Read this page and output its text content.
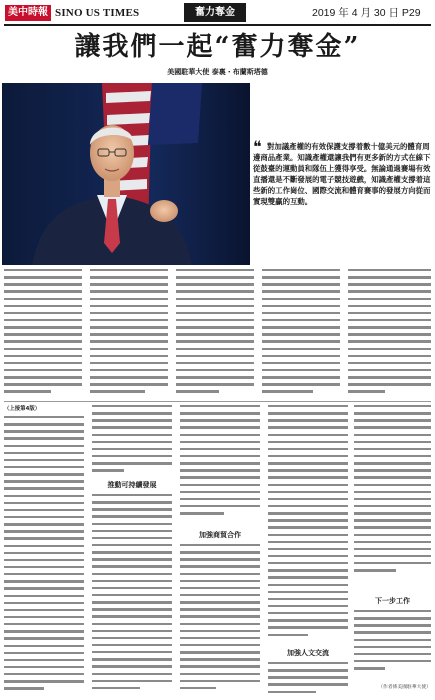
美中時報 SINO US TIMES	奮力奪金	2019 年 4 月 30 日 P29
讓我們一起“奮力奪金”
美國駐華大使 泰裏・布蘭斯塔德
❝ 對加議產權的有效保護支撐着數十億美元的體育周邊商品產業。知識產權還讓我們有更多新的方式在線下從鼓臺的運動員和隊伍上獲得享受。無論通過賽場有效直播還是不斷發展的電子競技遊戲，知識產權支撐着這些新的工作崗位、國際交流和體育賽事的發展方向從而實現雙贏的互動。

（上接第4版）
推動可持續發展
加強商貿合作
加強人文交流
下一步工作
（作者係美國駐華大使）
